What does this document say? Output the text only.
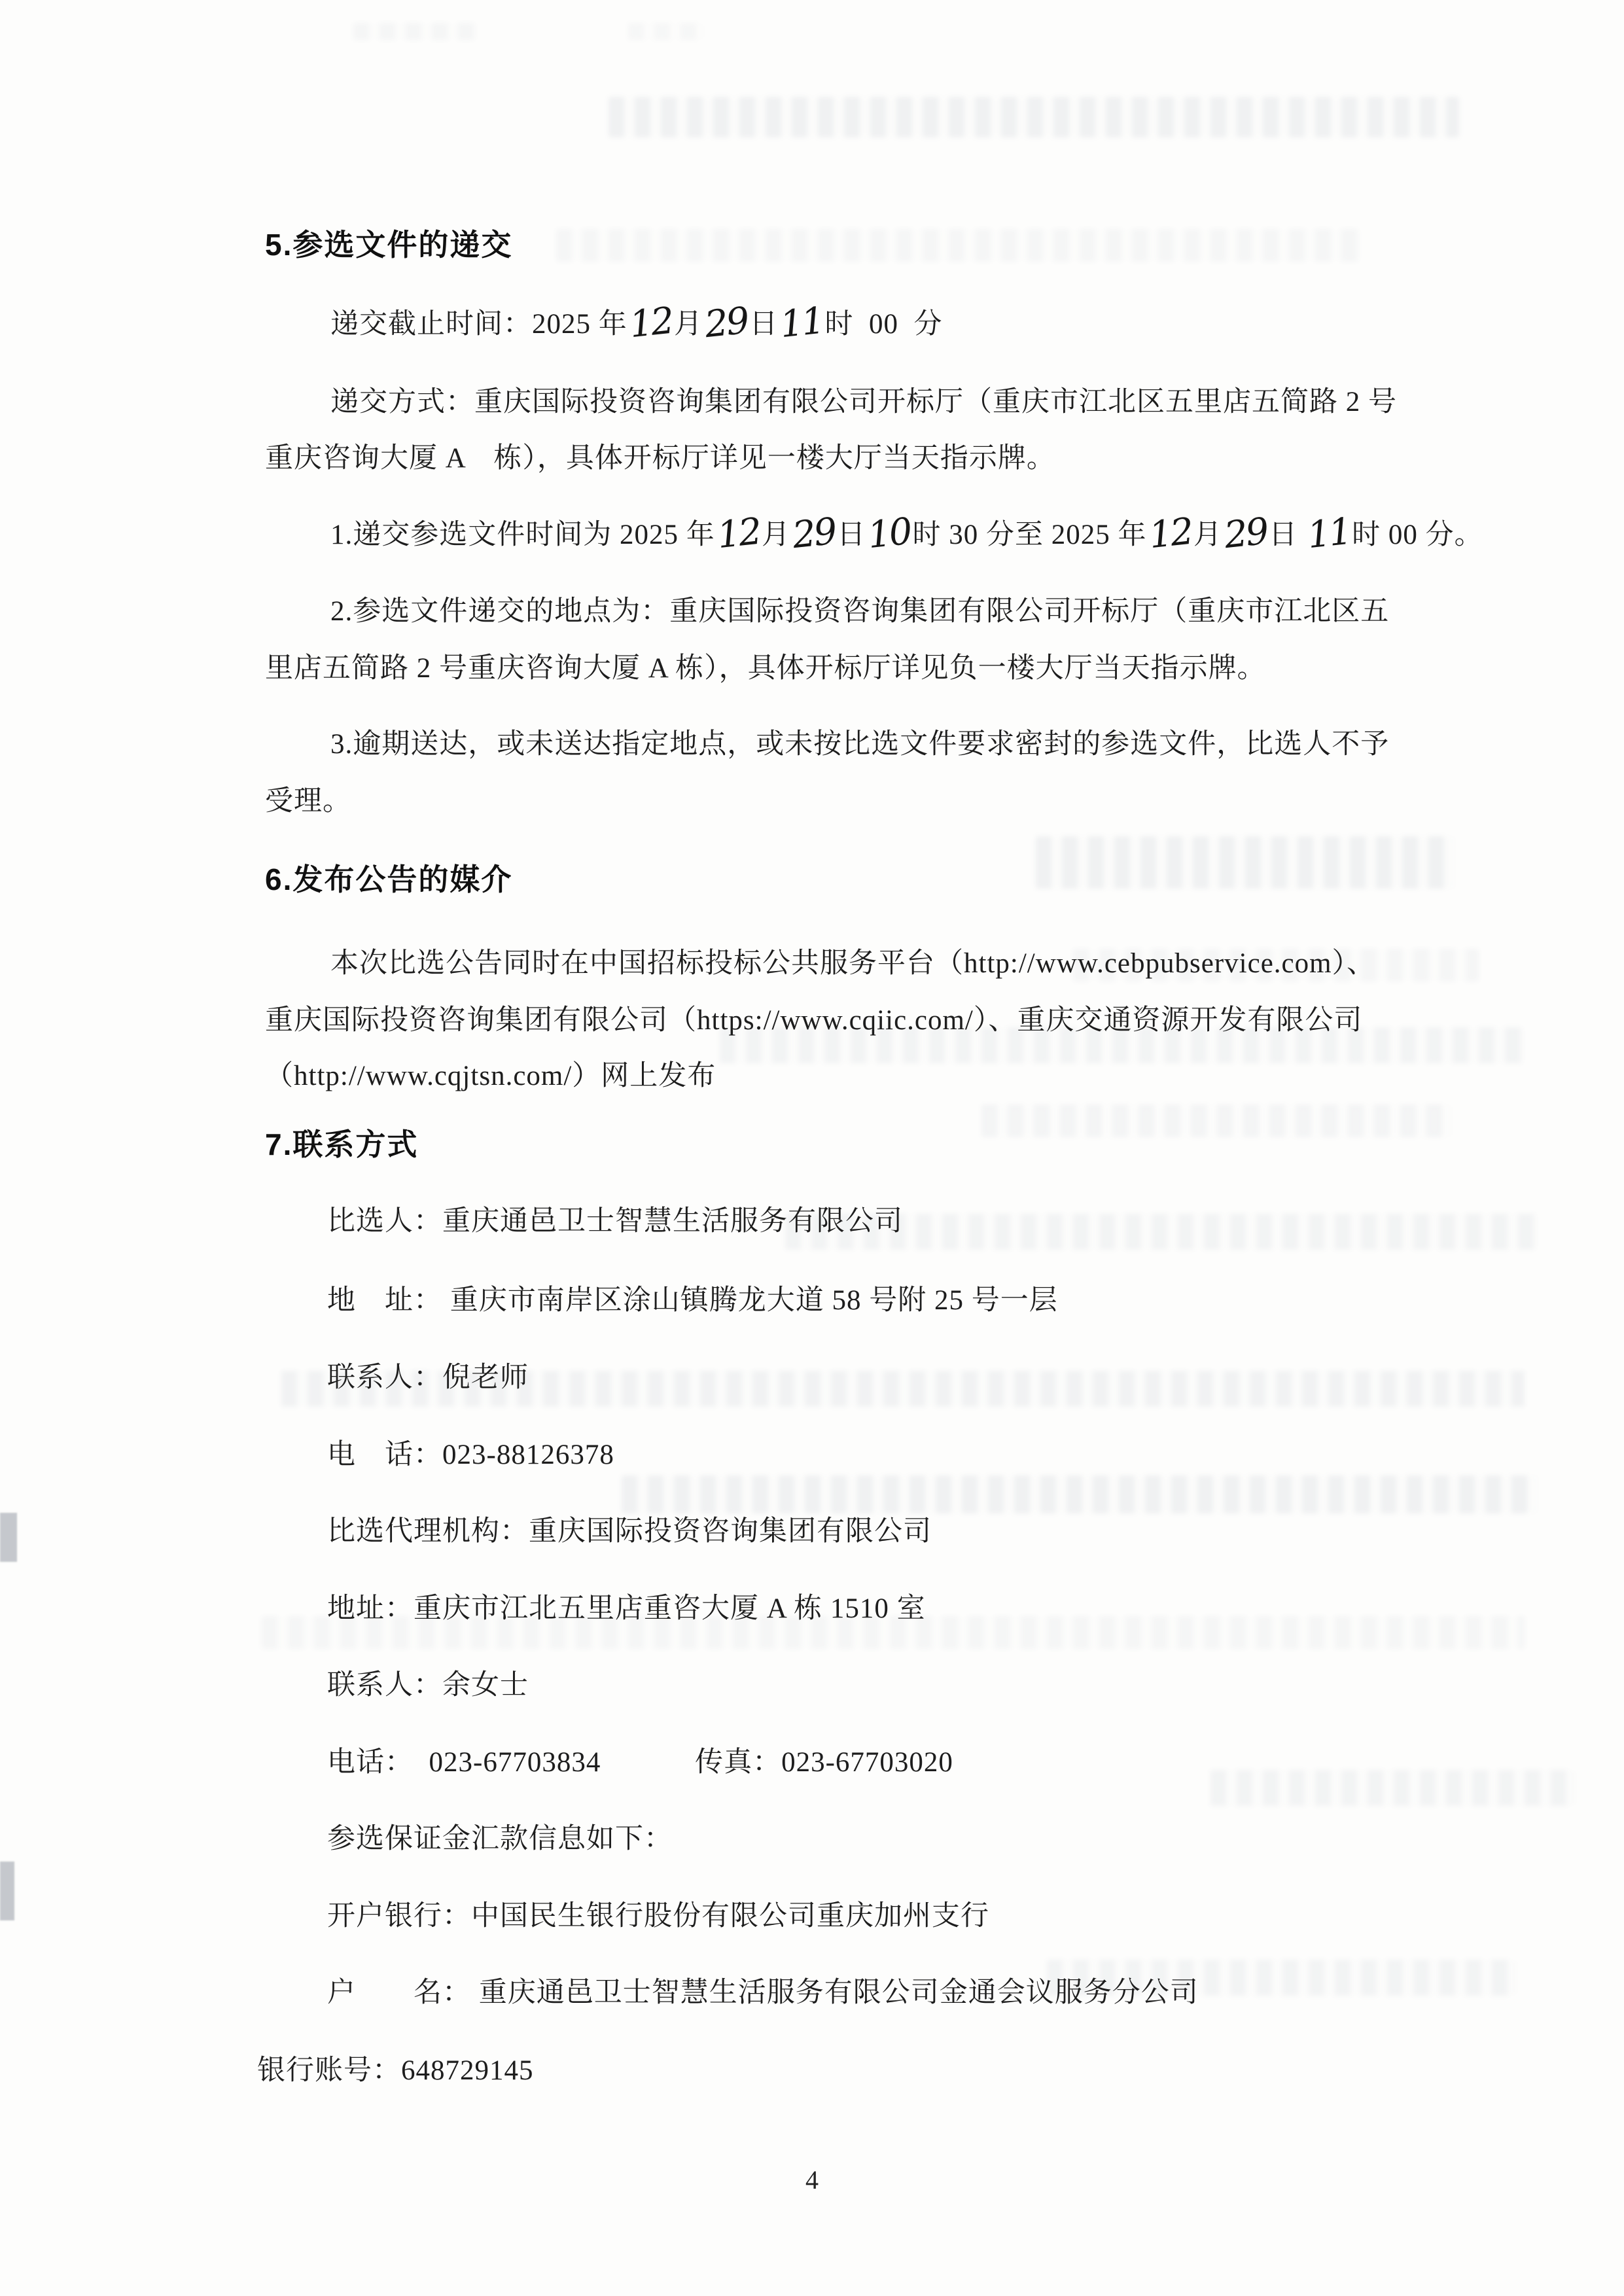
5.参选文件的递交
递交截止时间：2025 年12月29日11时  00  分
递交方式：重庆国际投资咨询集团有限公司开标厅（重庆市江北区五里店五简路 2 号
重庆咨询大厦 A　栋），具体开标厅详见一楼大厅当天指示牌。
1.递交参选文件时间为 2025 年12月29日10时 30 分至 2025 年12月29日 11时 00 分。
2.参选文件递交的地点为：重庆国际投资咨询集团有限公司开标厅（重庆市江北区五
里店五简路 2 号重庆咨询大厦 A 栋），具体开标厅详见负一楼大厅当天指示牌。
3.逾期送达，或未送达指定地点，或未按比选文件要求密封的参选文件，比选人不予
受理。
6.发布公告的媒介
本次比选公告同时在中国招标投标公共服务平台（http://www.cebpubservice.com）、
重庆国际投资咨询集团有限公司（https://www.cqiic.com/）、重庆交通资源开发有限公司
（http://www.cqjtsn.com/）网上发布
7.联系方式
比选人：重庆通邑卫士智慧生活服务有限公司
地　址： 重庆市南岸区涂山镇腾龙大道 58 号附 25 号一层
联系人：倪老师
电　话：023-88126378
比选代理机构：重庆国际投资咨询集团有限公司
地址：重庆市江北五里店重咨大厦 A 栋 1510 室
联系人：余女士
电话：  023-67703834　　　 传真：023-67703020
参选保证金汇款信息如下：
开户银行：中国民生银行股份有限公司重庆加州支行
户　　名： 重庆通邑卫士智慧生活服务有限公司金通会议服务分公司
银行账号：648729145
4
